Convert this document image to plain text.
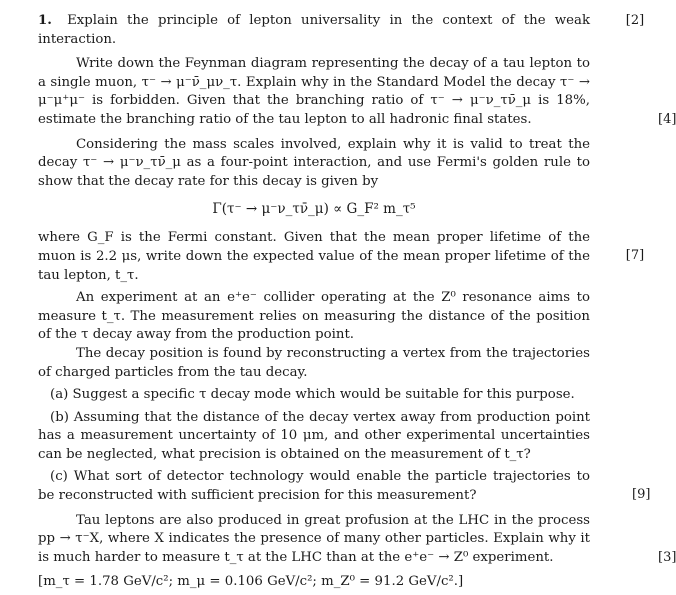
1. Explain the principle of lepton universality in the context of the weak interaction.
[2]

Write down the Feynman diagram representing the decay of a tau lepton to a single muon, τ⁻ → μ⁻ν̄_μν_τ. Explain why in the Standard Model the decay τ⁻ → μ⁻μ⁺μ⁻ is forbidden. Given that the branching ratio of τ⁻ → μ⁻ν_τν̄_μ is 18%, estimate the branching ratio of the tau lepton to all hadronic final states.	[4]

Considering the mass scales involved, explain why it is valid to treat the decay τ⁻ → μ⁻ν_τν̄_μ as a four-point interaction, and use Fermi's golden rule to show that the decay rate for this decay is given by

Γ(τ⁻ → μ⁻ν_τν̄_μ) ∝ G_F² m_τ⁵

where G_F is the Fermi constant. Given that the mean proper lifetime of the muon is 2.2 μs, write down the expected value of the mean proper lifetime of the tau lepton, t_τ.
[7]

An experiment at an e⁺e⁻ collider operating at the Z⁰ resonance aims to measure t_τ. The measurement relies on measuring the distance of the position of the τ decay away from the production point.

The decay position is found by reconstructing a vertex from the trajectories of charged particles from the tau decay.

(a) Suggest a specific τ decay mode which would be suitable for this purpose.

(b) Assuming that the distance of the decay vertex away from production point has a measurement uncertainty of 10 μm, and other experimental uncertainties can be neglected, what precision is obtained on the measurement of t_τ?

(c) What sort of detector technology would enable the particle trajectories to be reconstructed with sufficient precision for this measurement?	[9]

Tau leptons are also produced in great profusion at the LHC in the process pp → τ⁻X, where X indicates the presence of many other particles. Explain why it is much harder to measure t_τ at the LHC than at the e⁺e⁻ → Z⁰ experiment.	[3]

[m_τ = 1.78 GeV/c²; m_μ = 0.106 GeV/c²; m_Z⁰ = 91.2 GeV/c².]
